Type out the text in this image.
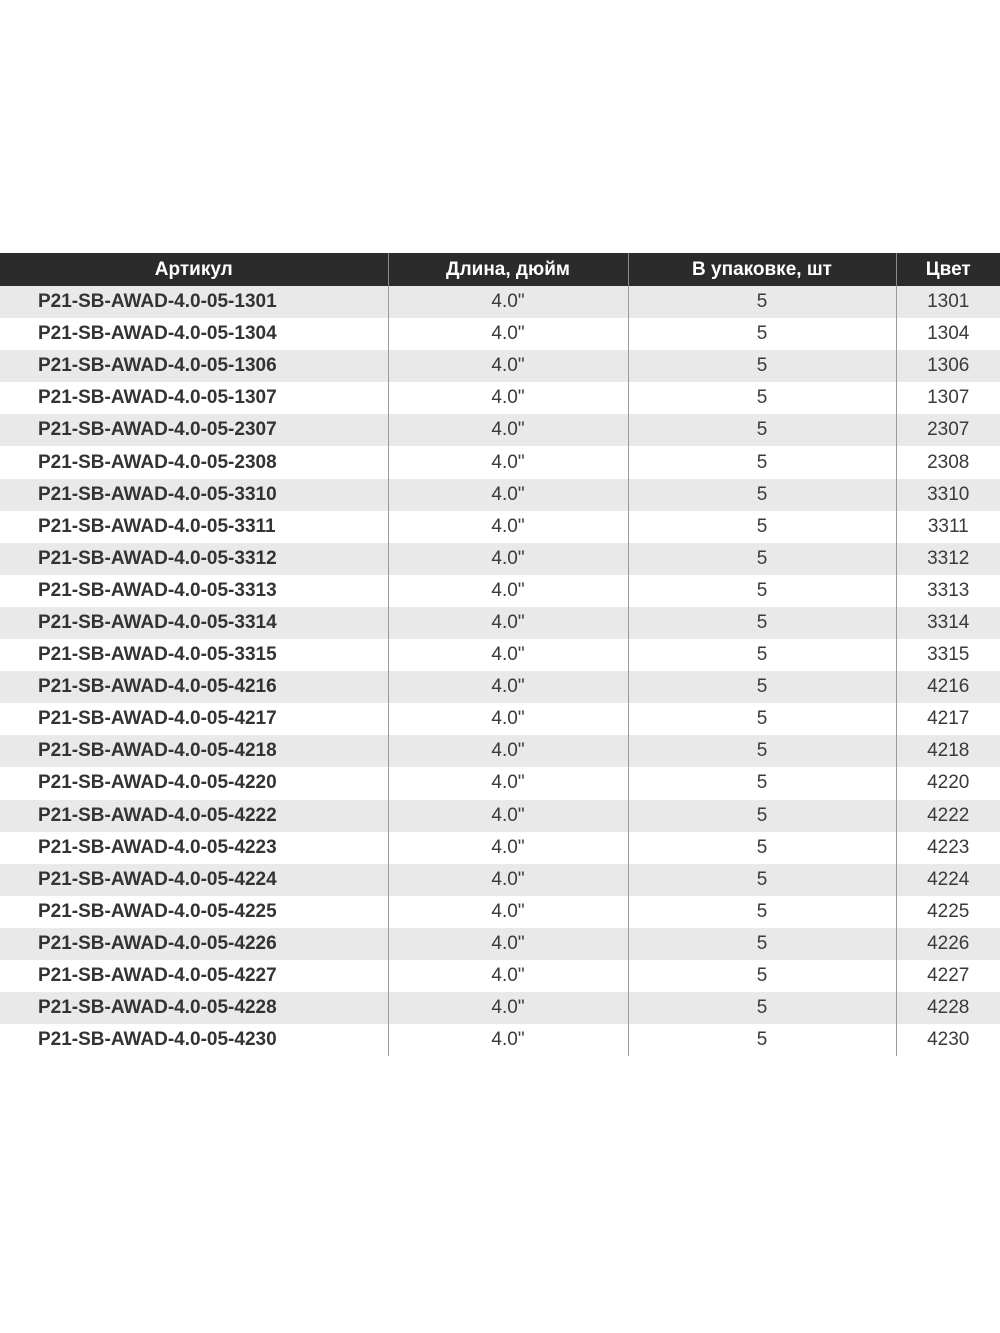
Артикул	Длина, дюйм	В упаковке, шт	Цвет
P21-SB-AWAD-4.0-05-1301	4.0"	5	1301
P21-SB-AWAD-4.0-05-1304	4.0"	5	1304
P21-SB-AWAD-4.0-05-1306	4.0"	5	1306
P21-SB-AWAD-4.0-05-1307	4.0"	5	1307
P21-SB-AWAD-4.0-05-2307	4.0"	5	2307
P21-SB-AWAD-4.0-05-2308	4.0"	5	2308
P21-SB-AWAD-4.0-05-3310	4.0"	5	3310
P21-SB-AWAD-4.0-05-3311	4.0"	5	3311
P21-SB-AWAD-4.0-05-3312	4.0"	5	3312
P21-SB-AWAD-4.0-05-3313	4.0"	5	3313
P21-SB-AWAD-4.0-05-3314	4.0"	5	3314
P21-SB-AWAD-4.0-05-3315	4.0"	5	3315
P21-SB-AWAD-4.0-05-4216	4.0"	5	4216
P21-SB-AWAD-4.0-05-4217	4.0"	5	4217
P21-SB-AWAD-4.0-05-4218	4.0"	5	4218
P21-SB-AWAD-4.0-05-4220	4.0"	5	4220
P21-SB-AWAD-4.0-05-4222	4.0"	5	4222
P21-SB-AWAD-4.0-05-4223	4.0"	5	4223
P21-SB-AWAD-4.0-05-4224	4.0"	5	4224
P21-SB-AWAD-4.0-05-4225	4.0"	5	4225
P21-SB-AWAD-4.0-05-4226	4.0"	5	4226
P21-SB-AWAD-4.0-05-4227	4.0"	5	4227
P21-SB-AWAD-4.0-05-4228	4.0"	5	4228
P21-SB-AWAD-4.0-05-4230	4.0"	5	4230
